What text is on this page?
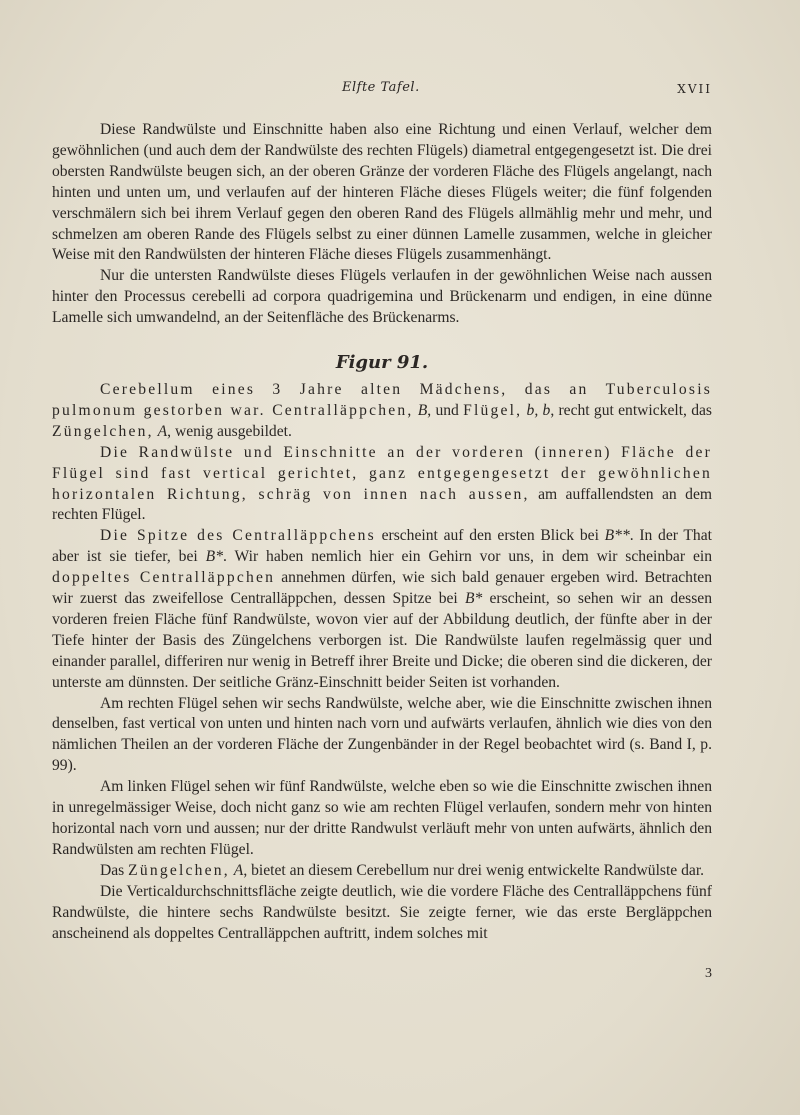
Elfte Tafel.	XVII

Diese Randwülste und Einschnitte haben also eine Richtung und einen Verlauf, welcher dem gewöhnlichen (und auch dem der Randwülste des rechten Flügels) diametral entgegengesetzt ist. Die drei obersten Randwülste beugen sich, an der oberen Gränze der vorderen Fläche des Flügels angelangt, nach hinten und unten um, und verlaufen auf der hinteren Fläche dieses Flügels weiter; die fünf folgenden verschmälern sich bei ihrem Verlauf gegen den oberen Rand des Flügels allmählig mehr und mehr, und schmelzen am oberen Rande des Flügels selbst zu einer dünnen Lamelle zusammen, welche in gleicher Weise mit den Randwülsten der hinteren Fläche dieses Flügels zusammenhängt.

Nur die untersten Randwülste dieses Flügels verlaufen in der gewöhnlichen Weise nach aussen hinter den Processus cerebelli ad corpora quadrigemina und Brückenarm und endigen, in eine dünne Lamelle sich umwandelnd, an der Seitenfläche des Brückenarms.

Figur 91.

Cerebellum eines 3 Jahre alten Mädchens, das an Tuberculosis pulmonum gestorben war. Centralläppchen, B, und Flügel, b, b, recht gut entwickelt, das Züngelchen, A, wenig ausgebildet.

Die Randwülste und Einschnitte an der vorderen (inneren) Fläche der Flügel sind fast vertical gerichtet, ganz entgegengesetzt der gewöhnlichen horizontalen Richtung, schräg von innen nach aussen, am auffallendsten an dem rechten Flügel.

Die Spitze des Centralläppchens erscheint auf den ersten Blick bei B**. In der That aber ist sie tiefer, bei B*. Wir haben nemlich hier ein Gehirn vor uns, in dem wir scheinbar ein doppeltes Centralläppchen annehmen dürfen, wie sich bald genauer ergeben wird. Betrachten wir zuerst das zweifellose Centralläppchen, dessen Spitze bei B* erscheint, so sehen wir an dessen vorderen freien Fläche fünf Randwülste, wovon vier auf der Abbildung deutlich, der fünfte aber in der Tiefe hinter der Basis des Züngelchens verborgen ist. Die Randwülste laufen regelmässig quer und einander parallel, differiren nur wenig in Betreff ihrer Breite und Dicke; die oberen sind die dickeren, der unterste am dünnsten. Der seitliche Gränz-Einschnitt beider Seiten ist vorhanden.

Am rechten Flügel sehen wir sechs Randwülste, welche aber, wie die Einschnitte zwischen ihnen denselben, fast vertical von unten und hinten nach vorn und aufwärts verlaufen, ähnlich wie dies von den nämlichen Theilen an der vorderen Fläche der Zungenbänder in der Regel beobachtet wird (s. Band I, p. 99).

Am linken Flügel sehen wir fünf Randwülste, welche eben so wie die Einschnitte zwischen ihnen in unregelmässiger Weise, doch nicht ganz so wie am rechten Flügel verlaufen, sondern mehr von hinten horizontal nach vorn und aussen; nur der dritte Randwulst verläuft mehr von unten aufwärts, ähnlich den Randwülsten am rechten Flügel.

Das Züngelchen, A, bietet an diesem Cerebellum nur drei wenig entwickelte Randwülste dar.

Die Verticaldurchschnittsfläche zeigte deutlich, wie die vordere Fläche des Centralläppchens fünf Randwülste, die hintere sechs Randwülste besitzt. Sie zeigte ferner, wie das erste Bergläppchen anscheinend als doppeltes Centralläppchen auftritt, indem solches mit

3
